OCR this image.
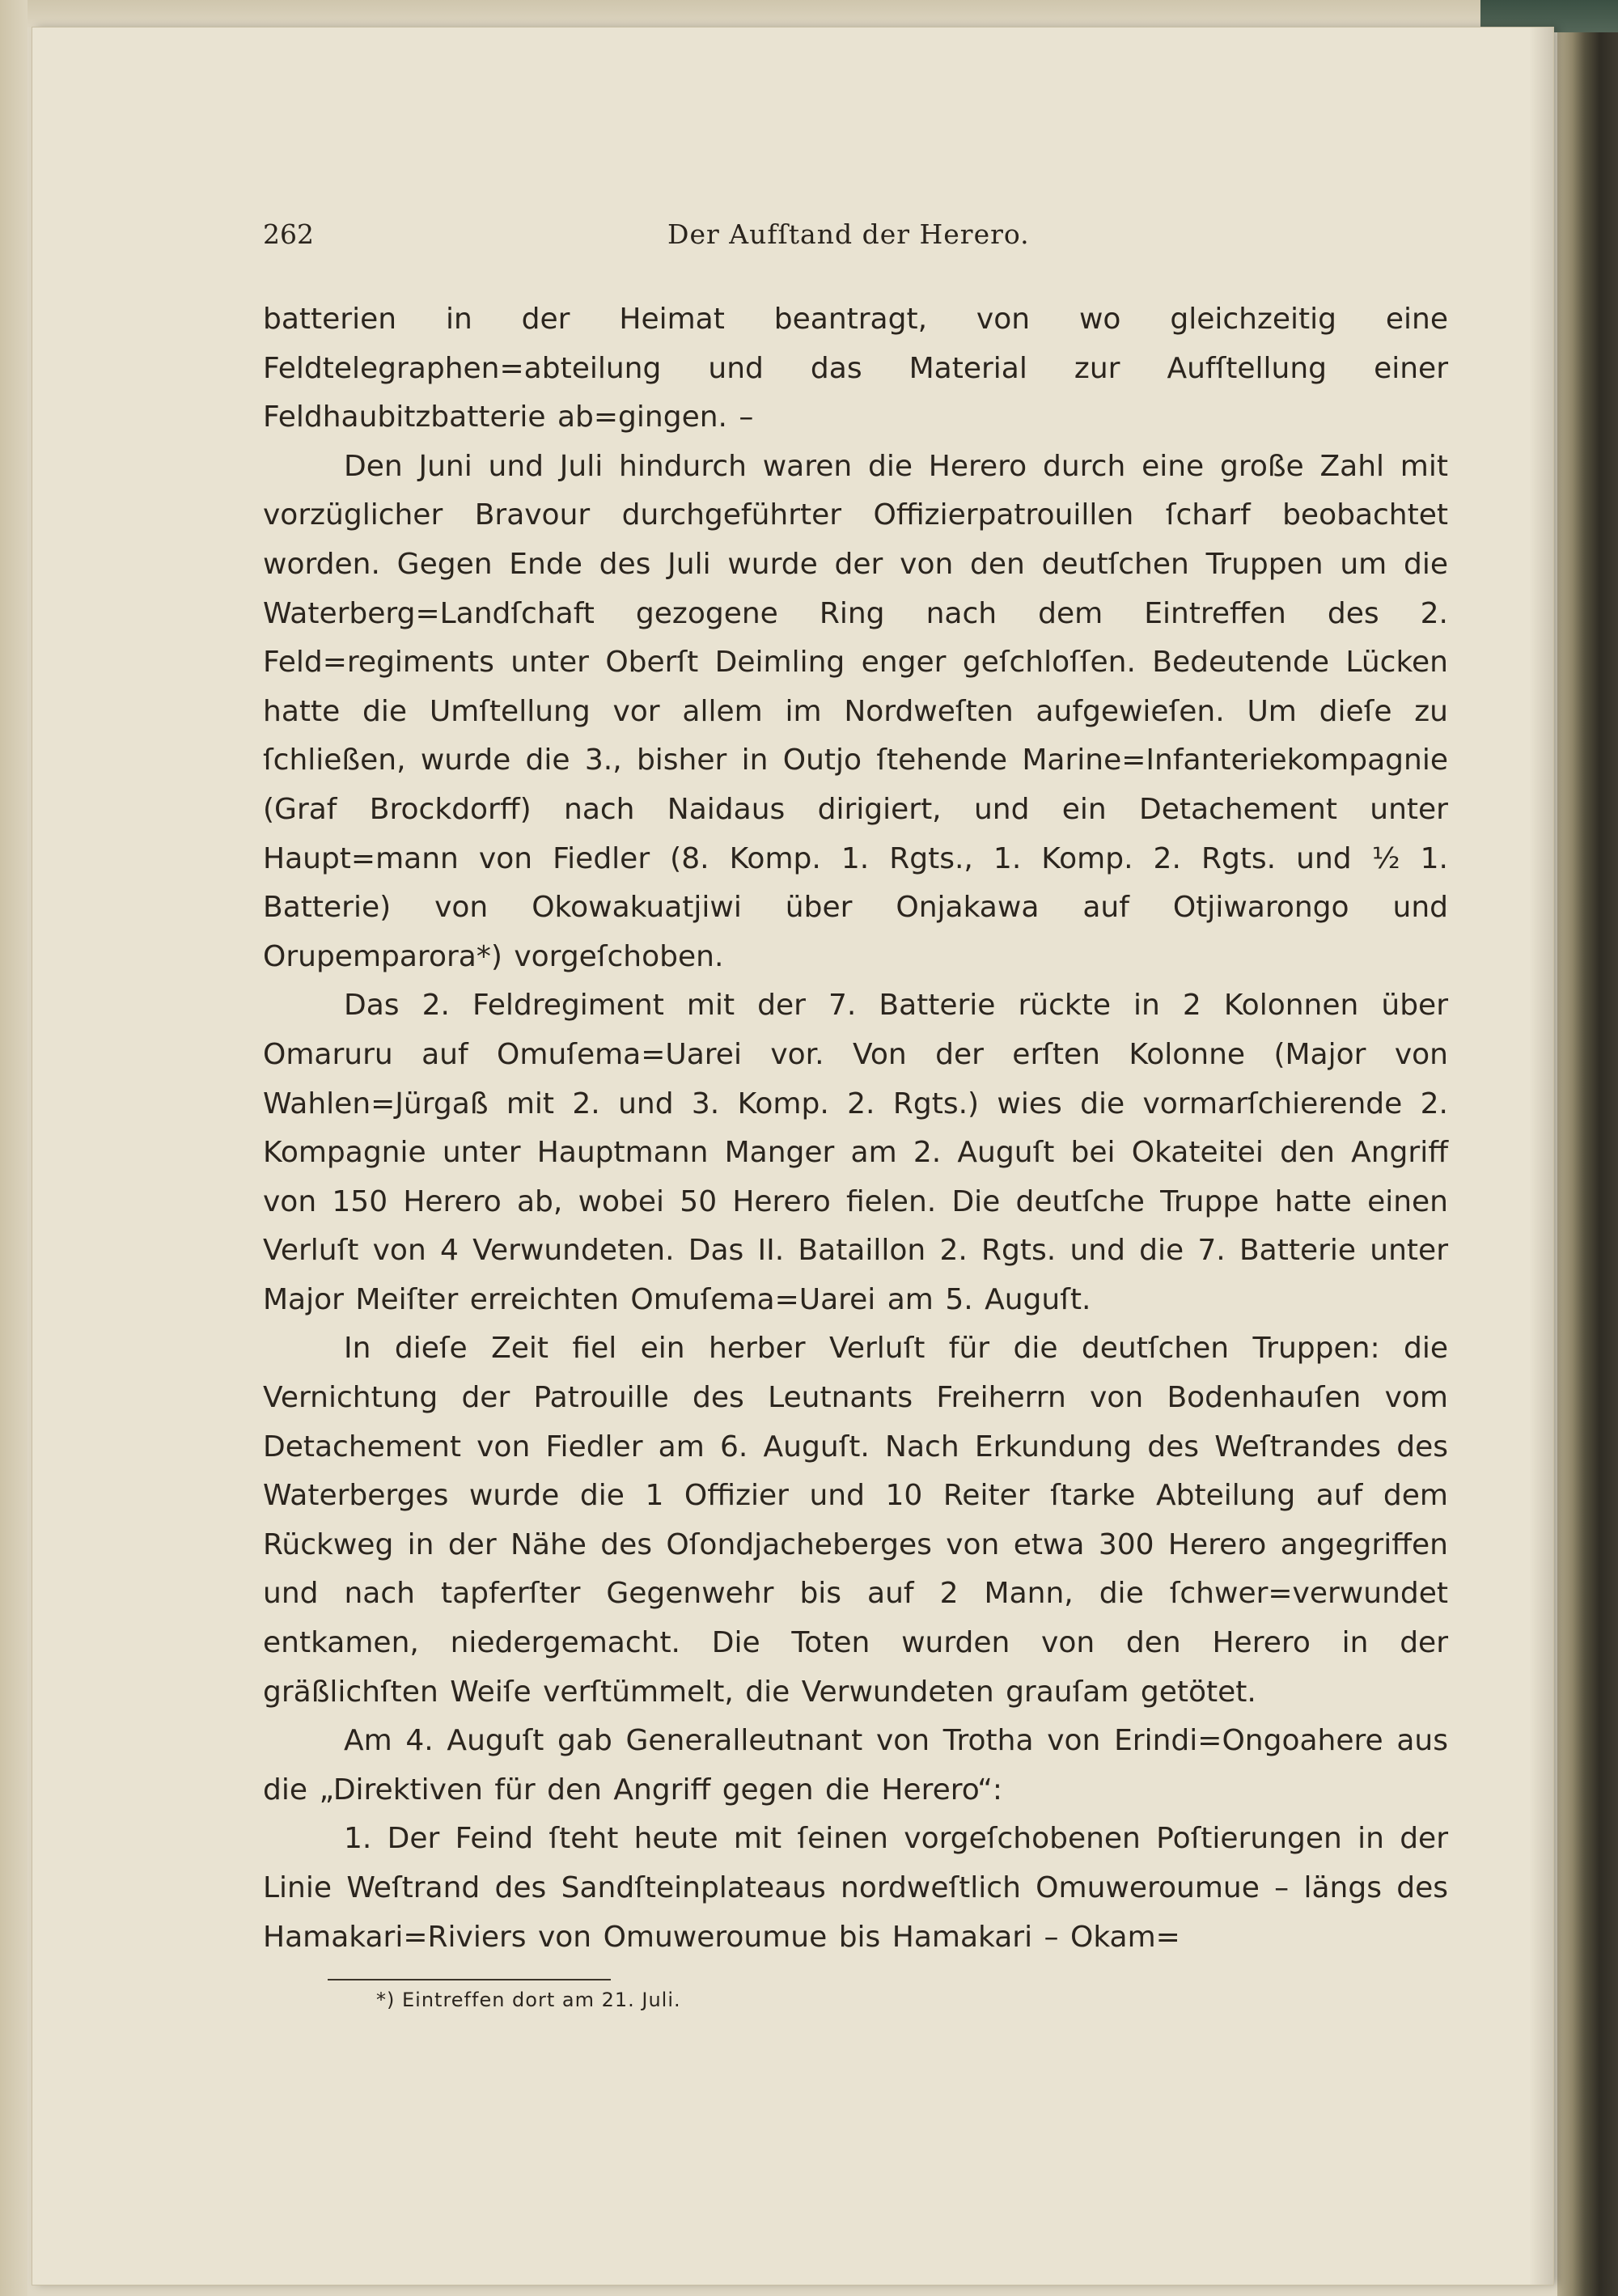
262	Der Aufſtand der Herero.

batterien in der Heimat beantragt, von wo gleichzeitig eine Feldtelegraphen=abteilung und das Material zur Aufſtellung einer Feldhaubitzbatterie ab=gingen. –

Den Juni und Juli hindurch waren die Herero durch eine große Zahl mit vorzüglicher Bravour durchgeführter Offizierpatrouillen ſcharf beobachtet worden. Gegen Ende des Juli wurde der von den deutſchen Truppen um die Waterberg=Landſchaft gezogene Ring nach dem Eintreffen des 2. Feld=regiments unter Oberſt Deimling enger geſchloſſen. Bedeutende Lücken hatte die Umſtellung vor allem im Nordweſten aufgewieſen. Um dieſe zu ſchließen, wurde die 3., bisher in Outjo ſtehende Marine=Infanteriekompagnie (Graf Brockdorff) nach Naidaus dirigiert, und ein Detachement unter Haupt=mann von Fiedler (8. Komp. 1. Rgts., 1. Komp. 2. Rgts. und ½ 1. Batterie) von Okowakuatjiwi über Onjakawa auf Otjiwarongo und Orupemparora*) vorgeſchoben.

Das 2. Feldregiment mit der 7. Batterie rückte in 2 Kolonnen über Omaruru auf Omuſema=Uarei vor. Von der erſten Kolonne (Major von Wahlen=Jürgaß mit 2. und 3. Komp. 2. Rgts.) wies die vormarſchierende 2. Kompagnie unter Hauptmann Manger am 2. Auguſt bei Okateitei den Angriff von 150 Herero ab, wobei 50 Herero fielen. Die deutſche Truppe hatte einen Verluſt von 4 Verwundeten. Das II. Bataillon 2. Rgts. und die 7. Batterie unter Major Meiſter erreichten Omuſema=Uarei am 5. Auguſt.

In dieſe Zeit fiel ein herber Verluſt für die deutſchen Truppen: die Vernichtung der Patrouille des Leutnants Freiherrn von Bodenhauſen vom Detachement von Fiedler am 6. Auguſt. Nach Erkundung des Weſtrandes des Waterberges wurde die 1 Offizier und 10 Reiter ſtarke Abteilung auf dem Rückweg in der Nähe des Oſondjacheberges von etwa 300 Herero angegriffen und nach tapferſter Gegenwehr bis auf 2 Mann, die ſchwer=verwundet entkamen, niedergemacht. Die Toten wurden von den Herero in der gräßlichſten Weiſe verſtümmelt, die Verwundeten grauſam getötet.

Am 4. Auguſt gab Generalleutnant von Trotha von Erindi=Ongoahere aus die „Direktiven für den Angriff gegen die Herero“:

1. Der Feind ſteht heute mit ſeinen vorgeſchobenen Poſtierungen in der Linie Weſtrand des Sandſteinplateaus nordweſtlich Omuweroumue – längs des Hamakari=Riviers von Omuweroumue bis Hamakari – Okam=

*) Eintreffen dort am 21. Juli.
